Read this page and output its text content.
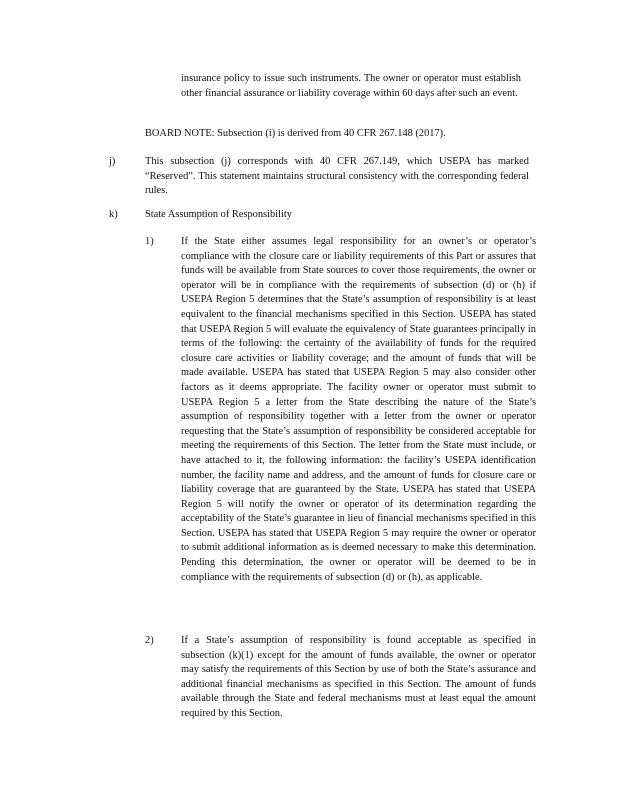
insurance policy to issue such instruments. The owner or operator must establish other financial assurance or liability coverage within 60 days after such an event.

BOARD NOTE: Subsection (i) is derived from 40 CFR 267.148 (2017).

j)	This subsection (j) corresponds with 40 CFR 267.149, which USEPA has marked “Reserved”. This statement maintains structural consistency with the corresponding federal rules.

k)	State Assumption of Responsibility

1)	If the State either assumes legal responsibility for an owner’s or operator’s compliance with the closure care or liability requirements of this Part or assures that funds will be available from State sources to cover those requirements, the owner or operator will be in compliance with the requirements of subsection (d) or (h) if USEPA Region 5 determines that the State’s assumption of responsibility is at least equivalent to the financial mechanisms specified in this Section. USEPA has stated that USEPA Region 5 will evaluate the equivalency of State guarantees principally in terms of the following: the certainty of the availability of funds for the required closure care activities or liability coverage; and the amount of funds that will be made available. USEPA has stated that USEPA Region 5 may also consider other factors as it deems appropriate. The facility owner or operator must submit to USEPA Region 5 a letter from the State describing the nature of the State’s assumption of responsibility together with a letter from the owner or operator requesting that the State’s assumption of responsibility be considered acceptable for meeting the requirements of this Section. The letter from the State must include, or have attached to it, the following information: the facility’s USEPA identification number, the facility name and address, and the amount of funds for closure care or liability coverage that are guaranteed by the State. USEPA has stated that USEPA Region 5 will notify the owner or operator of its determination regarding the acceptability of the State’s guarantee in lieu of financial mechanisms specified in this Section. USEPA has stated that USEPA Region 5 may require the owner or operator to submit additional information as is deemed necessary to make this determination. Pending this determination, the owner or operator will be deemed to be in compliance with the requirements of subsection (d) or (h), as applicable.

2)	If a State’s assumption of responsibility is found acceptable as specified in subsection (k)(1) except for the amount of funds available, the owner or operator may satisfy the requirements of this Section by use of both the State’s assurance and additional financial mechanisms as specified in this Section. The amount of funds available through the State and federal mechanisms must at least equal the amount required by this Section.
